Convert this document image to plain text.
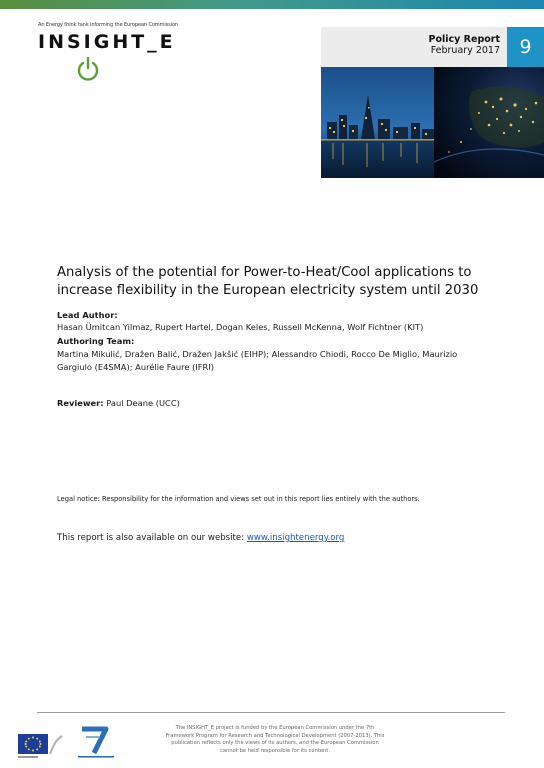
An Energy think tank informing the European Commission
INSIGHT_E	Policy Report
February 2017	9
Analysis of the potential for Power-to-Heat/Cool applications to increase flexibility in the European electricity system until 2030
Lead Author:
Hasan Ümitcan Yilmaz, Rupert Hartel, Dogan Keles, Russell McKenna, Wolf Fichtner (KIT)
Authoring Team:
Martina Mikulić, Dražen Balić, Dražen Jakšić (EIHP); Alessandro Chiodi, Rocco De Miglio, Maurizio Gargiulo (E4SMA); Aurélie Faure (IFRI)
Reviewer: Paul Deane (UCC)
Legal notice: Responsibility for the information and views set out in this report lies entirely with the authors.
This report is also available on our website: www.insightenergy.org
The INSIGHT_E project is funded by the European Commission under the 7th
Framework Program for Research and Technological Development (2007-2013). This
publication reflects only the views of its authors, and the European Commission
cannot be held responsible for its content.
